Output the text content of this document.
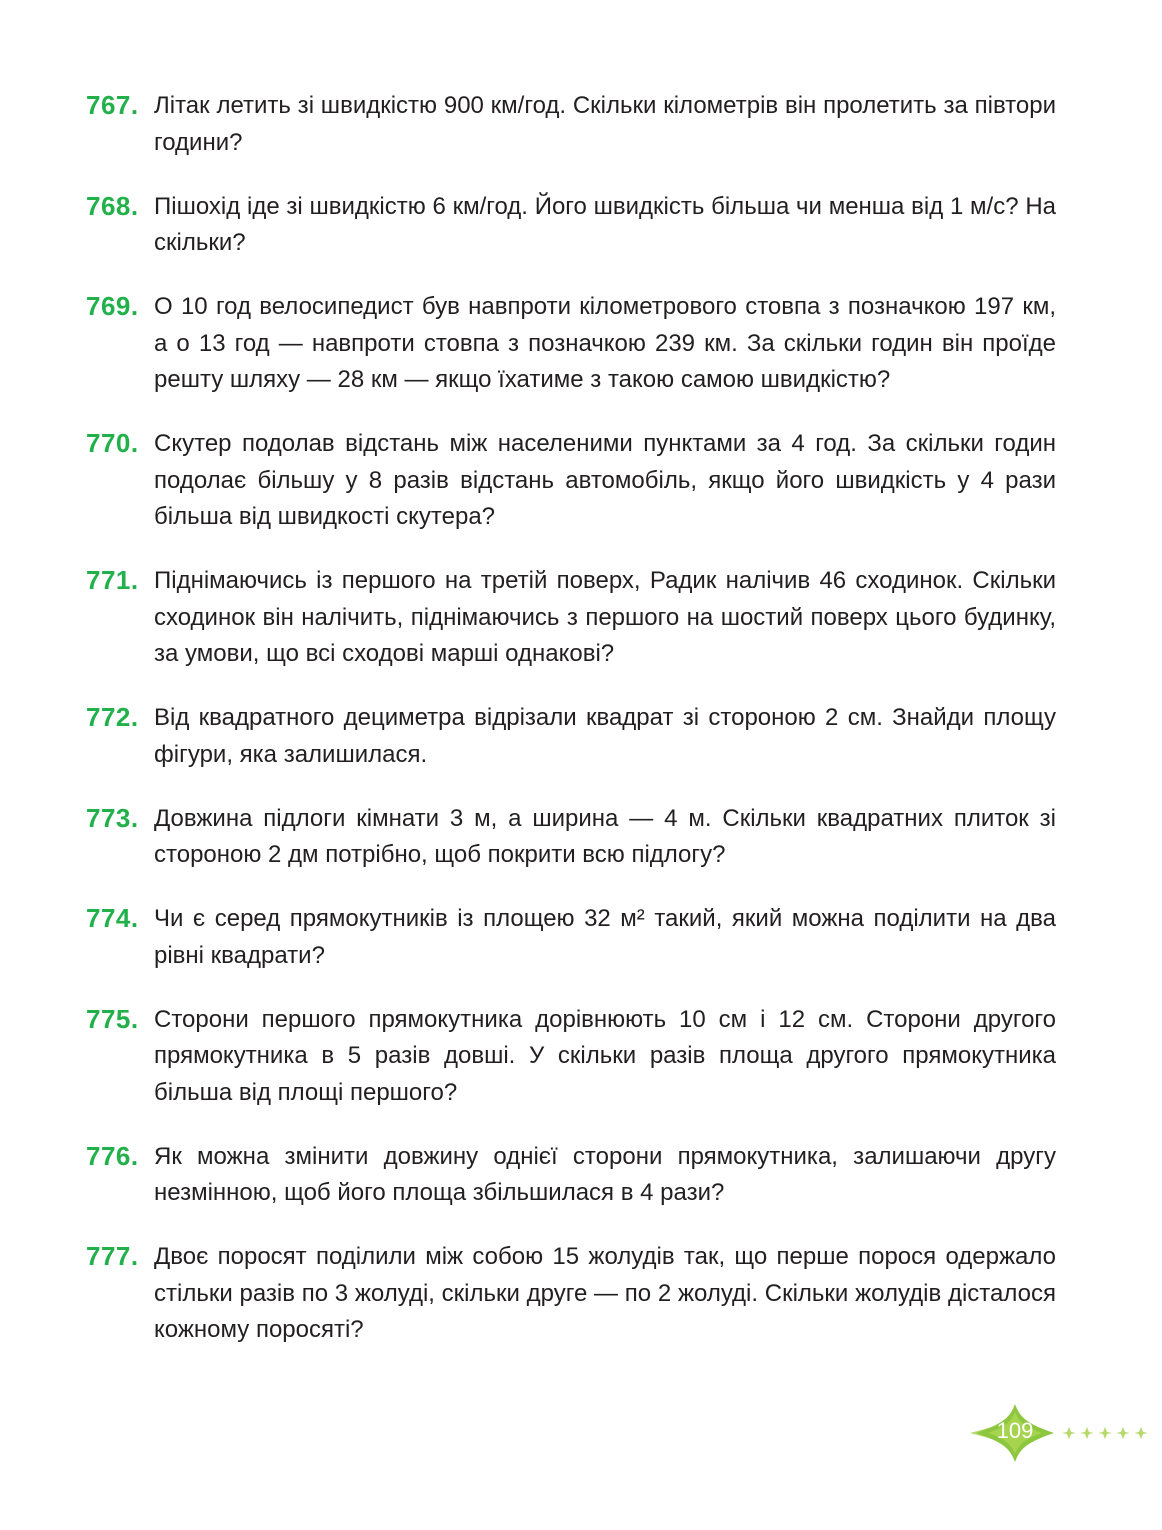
767. Літак летить зі швидкістю 900 км/год. Скільки кілометрів він пролетить за півтори години?
768. Пішохід іде зі швидкістю 6 км/год. Його швидкість більша чи менша від 1 м/с? На скільки?
769. О 10 год велосипедист був навпроти кілометрового стовпа з позначкою 197 км, а о 13 год — навпроти стовпа з позначкою 239 км. За скільки годин він проїде решту шляху — 28 км — якщо їхатиме з такою самою швидкістю?
770. Скутер подолав відстань між населеними пунктами за 4 год. За скільки годин подолає більшу у 8 разів відстань автомобіль, якщо його швидкість у 4 рази більша від швидкості скутера?
771. Піднімаючись із першого на третій поверх, Радик налічив 46 сходинок. Скільки сходинок він налічить, піднімаючись з першого на шостий поверх цього будинку, за умови, що всі сходові марші однакові?
772. Від квадратного дециметра відрізали квадрат зі стороною 2 см. Знайди площу фігури, яка залишилася.
773. Довжина підлоги кімнати 3 м, а ширина — 4 м. Скільки квадратних плиток зі стороною 2 дм потрібно, щоб покрити всю підлогу?
774. Чи є серед прямокутників із площею 32 м² такий, який можна поділити на два рівні квадрати?
775. Сторони першого прямокутника дорівнюють 10 см і 12 см. Сторони другого прямокутника в 5 разів довші. У скільки разів площа другого прямокутника більша від площі першого?
776. Як можна змінити довжину однієї сторони прямокутника, залишаючи другу незмінною, щоб його площа збільшилася в 4 рази?
777. Двоє поросят поділили між собою 15 жолудів так, що перше порося одержало стільки разів по 3 жолуді, скільки друге — по 2 жолуді. Скільки жолудів дісталося кожному поросяті?
109
